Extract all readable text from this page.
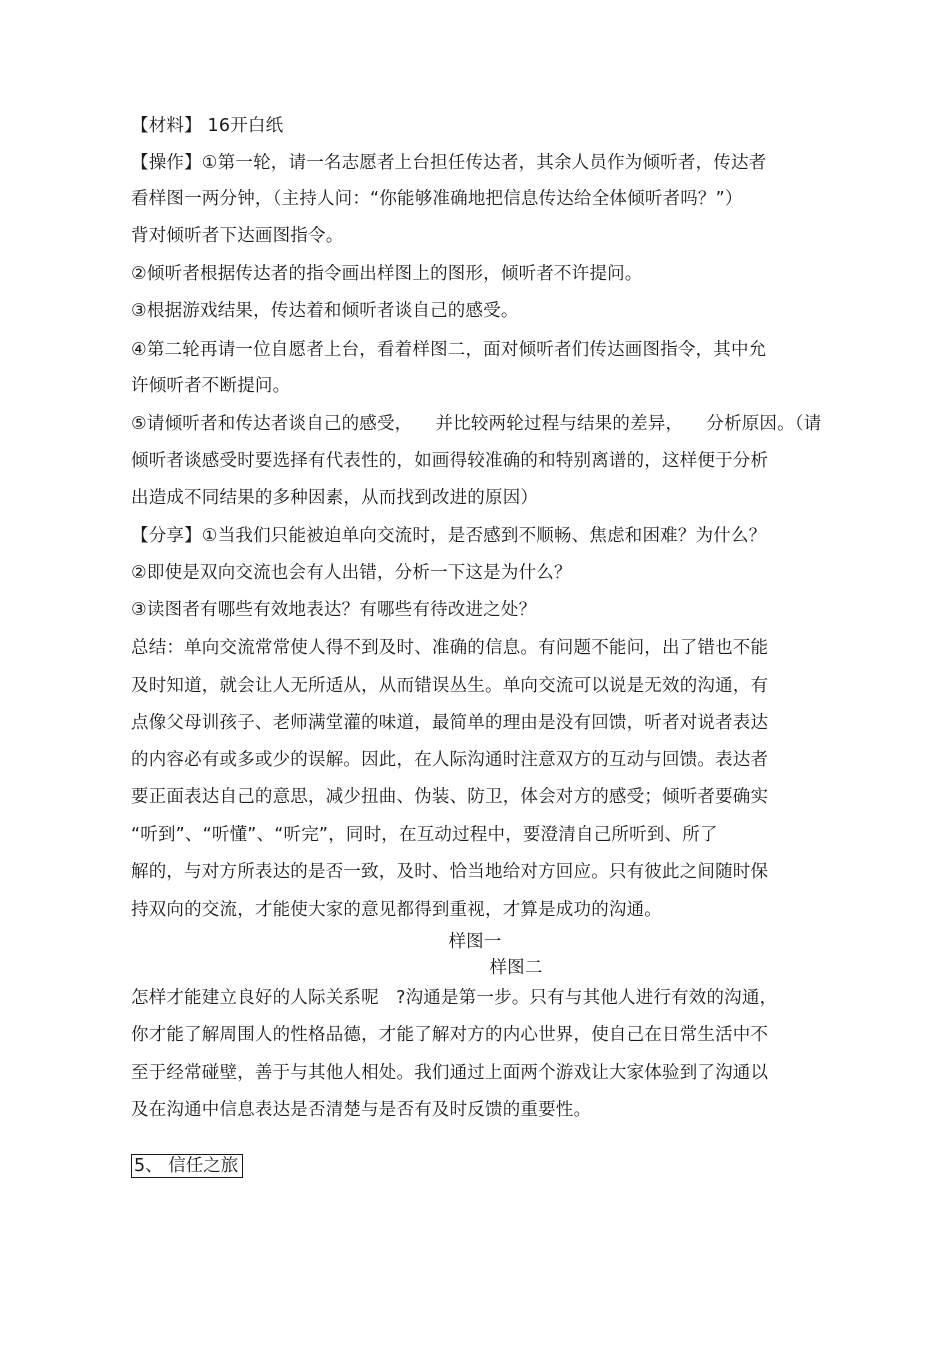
【材料】 16开白纸
【操作】①第一轮，请一名志愿者上台担任传达者，其余人员作为倾听者，传达者
看样图一两分钟，（主持人问：“你能够准确地把信息传达给全体倾听者吗？”）
背对倾听者下达画图指令。
②倾听者根据传达者的指令画出样图上的图形，倾听者不许提问。
③根据游戏结果，传达着和倾听者谈自己的感受。
④第二轮再请一位自愿者上台，看着样图二，面对倾听者们传达画图指令，其中允
许倾听者不断提问。
⑤请倾听者和传达者谈自己的感受，    并比较两轮过程与结果的差异，    分析原因。（请
倾听者谈感受时要选择有代表性的，如画得较准确的和特别离谱的，这样便于分析
出造成不同结果的多种因素，从而找到改进的原因）
【分享】①当我们只能被迫单向交流时，是否感到不顺畅、焦虑和困难？为什么？
②即使是双向交流也会有人出错，分析一下这是为什么？
③读图者有哪些有效地表达？有哪些有待改进之处？
总结：单向交流常常使人得不到及时、准确的信息。有问题不能问，出了错也不能
及时知道，就会让人无所适从，从而错误丛生。单向交流可以说是无效的沟通，有
点像父母训孩子、老师满堂灌的味道，最简单的理由是没有回馈，听者对说者表达
的内容必有或多或少的误解。因此，在人际沟通时注意双方的互动与回馈。表达者
要正面表达自己的意思，减少扭曲、伪装、防卫，体会对方的感受；倾听者要确实
“听到”、“听懂”、“听完”，同时，在互动过程中，要澄清自己所听到、所了
解的，与对方所表达的是否一致，及时、恰当地给对方回应。只有彼此之间随时保
持双向的交流，才能使大家的意见都得到重视，才算是成功的沟通。
样图一
样图二
怎样才能建立良好的人际关系呢   ?沟通是第一步。只有与其他人进行有效的沟通，
你才能了解周围人的性格品德，才能了解对方的内心世界，使自己在日常生活中不
至于经常碰壁，善于与其他人相处。我们通过上面两个游戏让大家体验到了沟通以
及在沟通中信息表达是否清楚与是否有及时反馈的重要性。
5、 信任之旅
